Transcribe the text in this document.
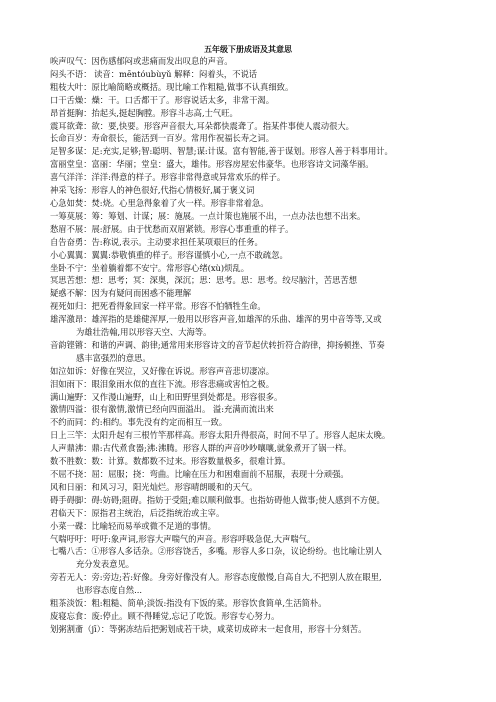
五年级下册成语及其意思
唉声叹气：因伤感郁闷或悲痛而发出叹息的声音。
闷头不语： 读音：mēntóubùyǔ 解释：闷着头，不说话
粗枝大叶：原比喻简略或概括。现比喻工作粗糙,做事不认真细致。
口干舌燥：燥：干。口舌都干了。形容说话太多，非常干渴。
昂首挺胸：抬起头,挺起胸膛。形容斗志高,士气旺。
震耳欲聋：欲：要,快要。形容声音很大,耳朵都快震聋了。指某件事使人震动很大。
长命百岁：寿命很长，能活到一百岁。常用作祝福长寿之词。
足智多谋：足:充实,足够;智:聪明、智慧;谋:计谋。富有智能,善于谋划。形容人善于料事用计。
富丽堂皇：富丽：华丽；堂皇：盛大，雄伟。形容房屋宏伟豪华。也形容诗文词藻华丽。
喜气洋洋：洋洋:得意的样子。形容非常得意或异常欢乐的样子。
神采飞扬：形容人的神色很好,代指心情极好,属于褒义词
心急如焚：焚:烧。心里急得象着了火一样。形容非常着急。
一筹莫展：筹：筹划、计谋；展：施展。一点计策也施展不出，一点办法也想不出来。
愁眉不展：展:舒展。由于忧愁而双眉紧锁。形容心事重重的样子。
自告奋勇：告:称说,表示。主动要求担任某项艰巨的任务。
小心翼翼：翼翼:恭敬慎重的样子。形容谨慎小心,一点不敢疏忽。
坐卧不宁：坐着躺着都不安宁。常形容心绪(xù)烦乱。
冥思苦想：想：思考；冥：深奥，深沉；思：思考。思：思考。绞尽脑汁，苦思苦想
疑惑不解：因为有疑问而困惑不能理解
视死如归：把死看得象回家一样平常。形容不怕牺牲生命。
雄浑激昂：雄浑指的是雄健浑厚,一般用以形容声音,如雄浑的乐曲、雄浑的男中音等等,又或
为雄壮浩翰,用以形容天空、大海等。
音韵铿锵：和谐的声调、韵律;通常用来形容诗文的音节起伏转折符合韵律，抑扬顿挫、节奏
感丰富强烈的意思。
如泣如诉：好像在哭泣，又好像在诉说。形容声音悲切凄凉。
泪如雨下：眼泪象雨水似的直往下流。形容悲痛或害怕之极。
满山遍野：又作漫山遍野，山上和田野里到处都是。形容很多。
激情四溢：很有激情,激情已经向四面溢出。 溢:充满而流出来
不约而同：约:相约。事先没有约定而相互一致。
日上三竿：太阳升起有三根竹竿那样高。形容太阳升得很高，时间不早了。形容人起床太晚。
人声鼎沸：鼎:古代煮食器;沸:沸腾。形容人群的声音吵吵嚷嚷,就象煮开了锅一样。
数不胜数：数：计算。数都数不过来。形容数量极多，很难计算。
不屈不挠：屈：屈服；挠：弯曲。比喻在压力和困难面前不屈服，表现十分顽强。
风和日丽：和风习习，阳光灿烂。形容晴朗暖和的天气。
碍手碍脚：碍:妨碍;阻碍。指妨于受阻;难以顺利做事。也指妨碍他人做事;使人感到不方便。
君临天下：原指君主统治，后泛指统治或主宰。
小菜一碟：比喻轻而易举或微不足道的事情。
气喘吁吁：吁吁:象声词,形容大声喘气的声音。形容呼吸急促,大声喘气。
七嘴八舌：①形容人多话杂。②形容饶舌，多嘴。形容人多口杂，议论纷纷。也比喻让别人
充分发表意见。
旁若无人：旁:旁边;若:好像。身旁好像没有人。形容态度傲慢,自高自大,不把别人放在眼里,
也形容态度自然...
粗茶淡饭：粗:粗糙、简单;淡饭:指没有下饭的菜。形容饮食简单,生活简朴。
废寝忘食：废:停止。顾不得睡觉,忘记了吃饭。形容专心努力。
划粥割齑（jī）：等粥冻结后把粥划成若干块，咸菜切成碎末一起食用，形容十分刻苦。
